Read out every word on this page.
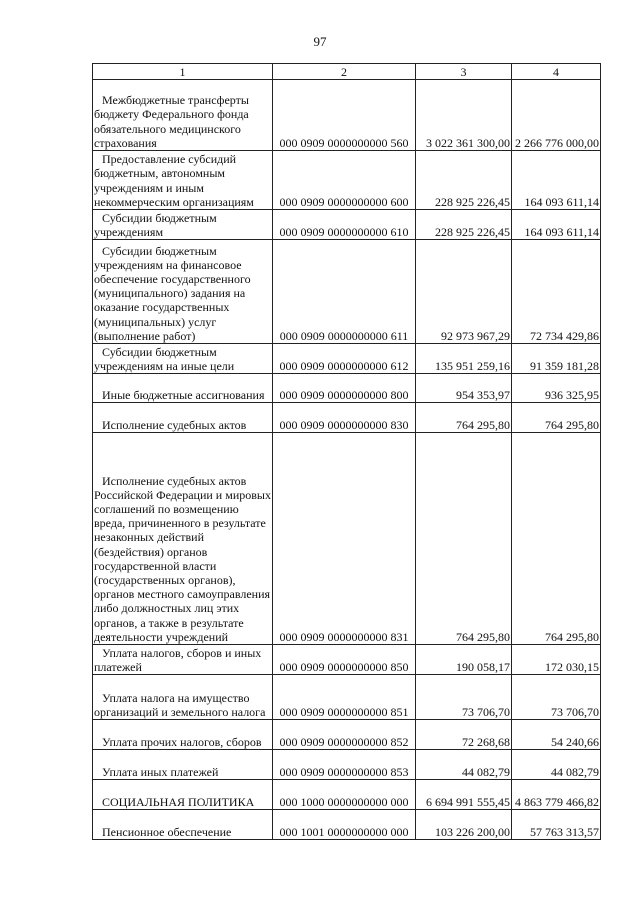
97
1	2	3	4
Межбюджетные трансферты бюджету Федерального фонда обязательного медицинского страхования	000 0909 0000000000 560	3 022 361 300,00	2 266 776 000,00
Предоставление субсидий бюджетным, автономным учреждениям и иным некоммерческим организациям	000 0909 0000000000 600	228 925 226,45	164 093 611,14
Субсидии бюджетным учреждениям	000 0909 0000000000 610	228 925 226,45	164 093 611,14
Субсидии бюджетным учреждениям на финансовое обеспечение государственного (муниципального) задания на оказание государственных (муниципальных) услуг (выполнение работ)	000 0909 0000000000 611	92 973 967,29	72 734 429,86
Субсидии бюджетным учреждениям на иные цели	000 0909 0000000000 612	135 951 259,16	91 359 181,28
Иные бюджетные ассигнования	000 0909 0000000000 800	954 353,97	936 325,95
Исполнение судебных актов	000 0909 0000000000 830	764 295,80	764 295,80
Исполнение судебных актов Российской Федерации и мировых соглашений по возмещению вреда, причиненного в результате незаконных действий (бездействия) органов государственной власти (государственных органов), органов местного самоуправления либо должностных лиц этих органов, а также в результате деятельности учреждений	000 0909 0000000000 831	764 295,80	764 295,80
Уплата налогов, сборов и иных платежей	000 0909 0000000000 850	190 058,17	172 030,15
Уплата налога на имущество организаций и земельного налога	000 0909 0000000000 851	73 706,70	73 706,70
Уплата прочих налогов, сборов	000 0909 0000000000 852	72 268,68	54 240,66
Уплата иных платежей	000 0909 0000000000 853	44 082,79	44 082,79
СОЦИАЛЬНАЯ ПОЛИТИКА	000 1000 0000000000 000	6 694 991 555,45	4 863 779 466,82
Пенсионное обеспечение	000 1001 0000000000 000	103 226 200,00	57 763 313,57
